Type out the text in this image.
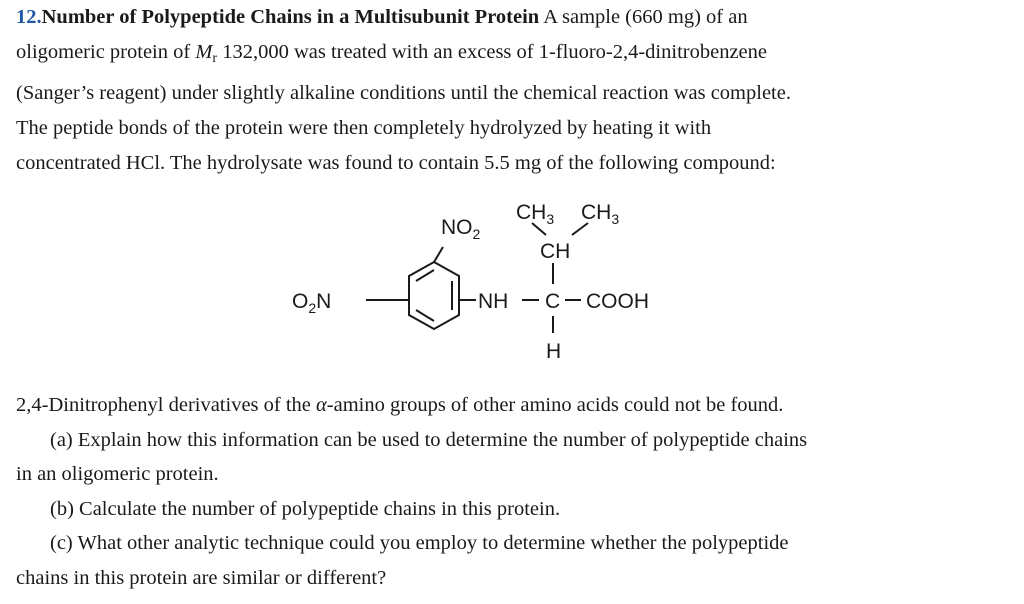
12.Number of Polypeptide Chains in a Multisubunit Protein A sample (660 mg) of an
oligomeric protein of $M_r$ 132,000 was treated with an excess of 1-fluoro-2,4-dinitrobenzene
(Sanger’s reagent) under slightly alkaline conditions until the chemical reaction was complete.
The peptide bonds of the protein were then completely hydrolyzed by heating it with
concentrated HCl. The hydrolysate was found to contain 5.5 mg of the following compound:
$O_2N$
$NO_2$
$CH_3$ $CH_3$
CH
NH C COOH
H
2,4-Dinitrophenyl derivatives of the α-amino groups of other amino acids could not be found.
(a) Explain how this information can be used to determine the number of polypeptide chains
in an oligomeric protein.
(b) Calculate the number of polypeptide chains in this protein.
(c) What other analytic technique could you employ to determine whether the polypeptide
chains in this protein are similar or different?
